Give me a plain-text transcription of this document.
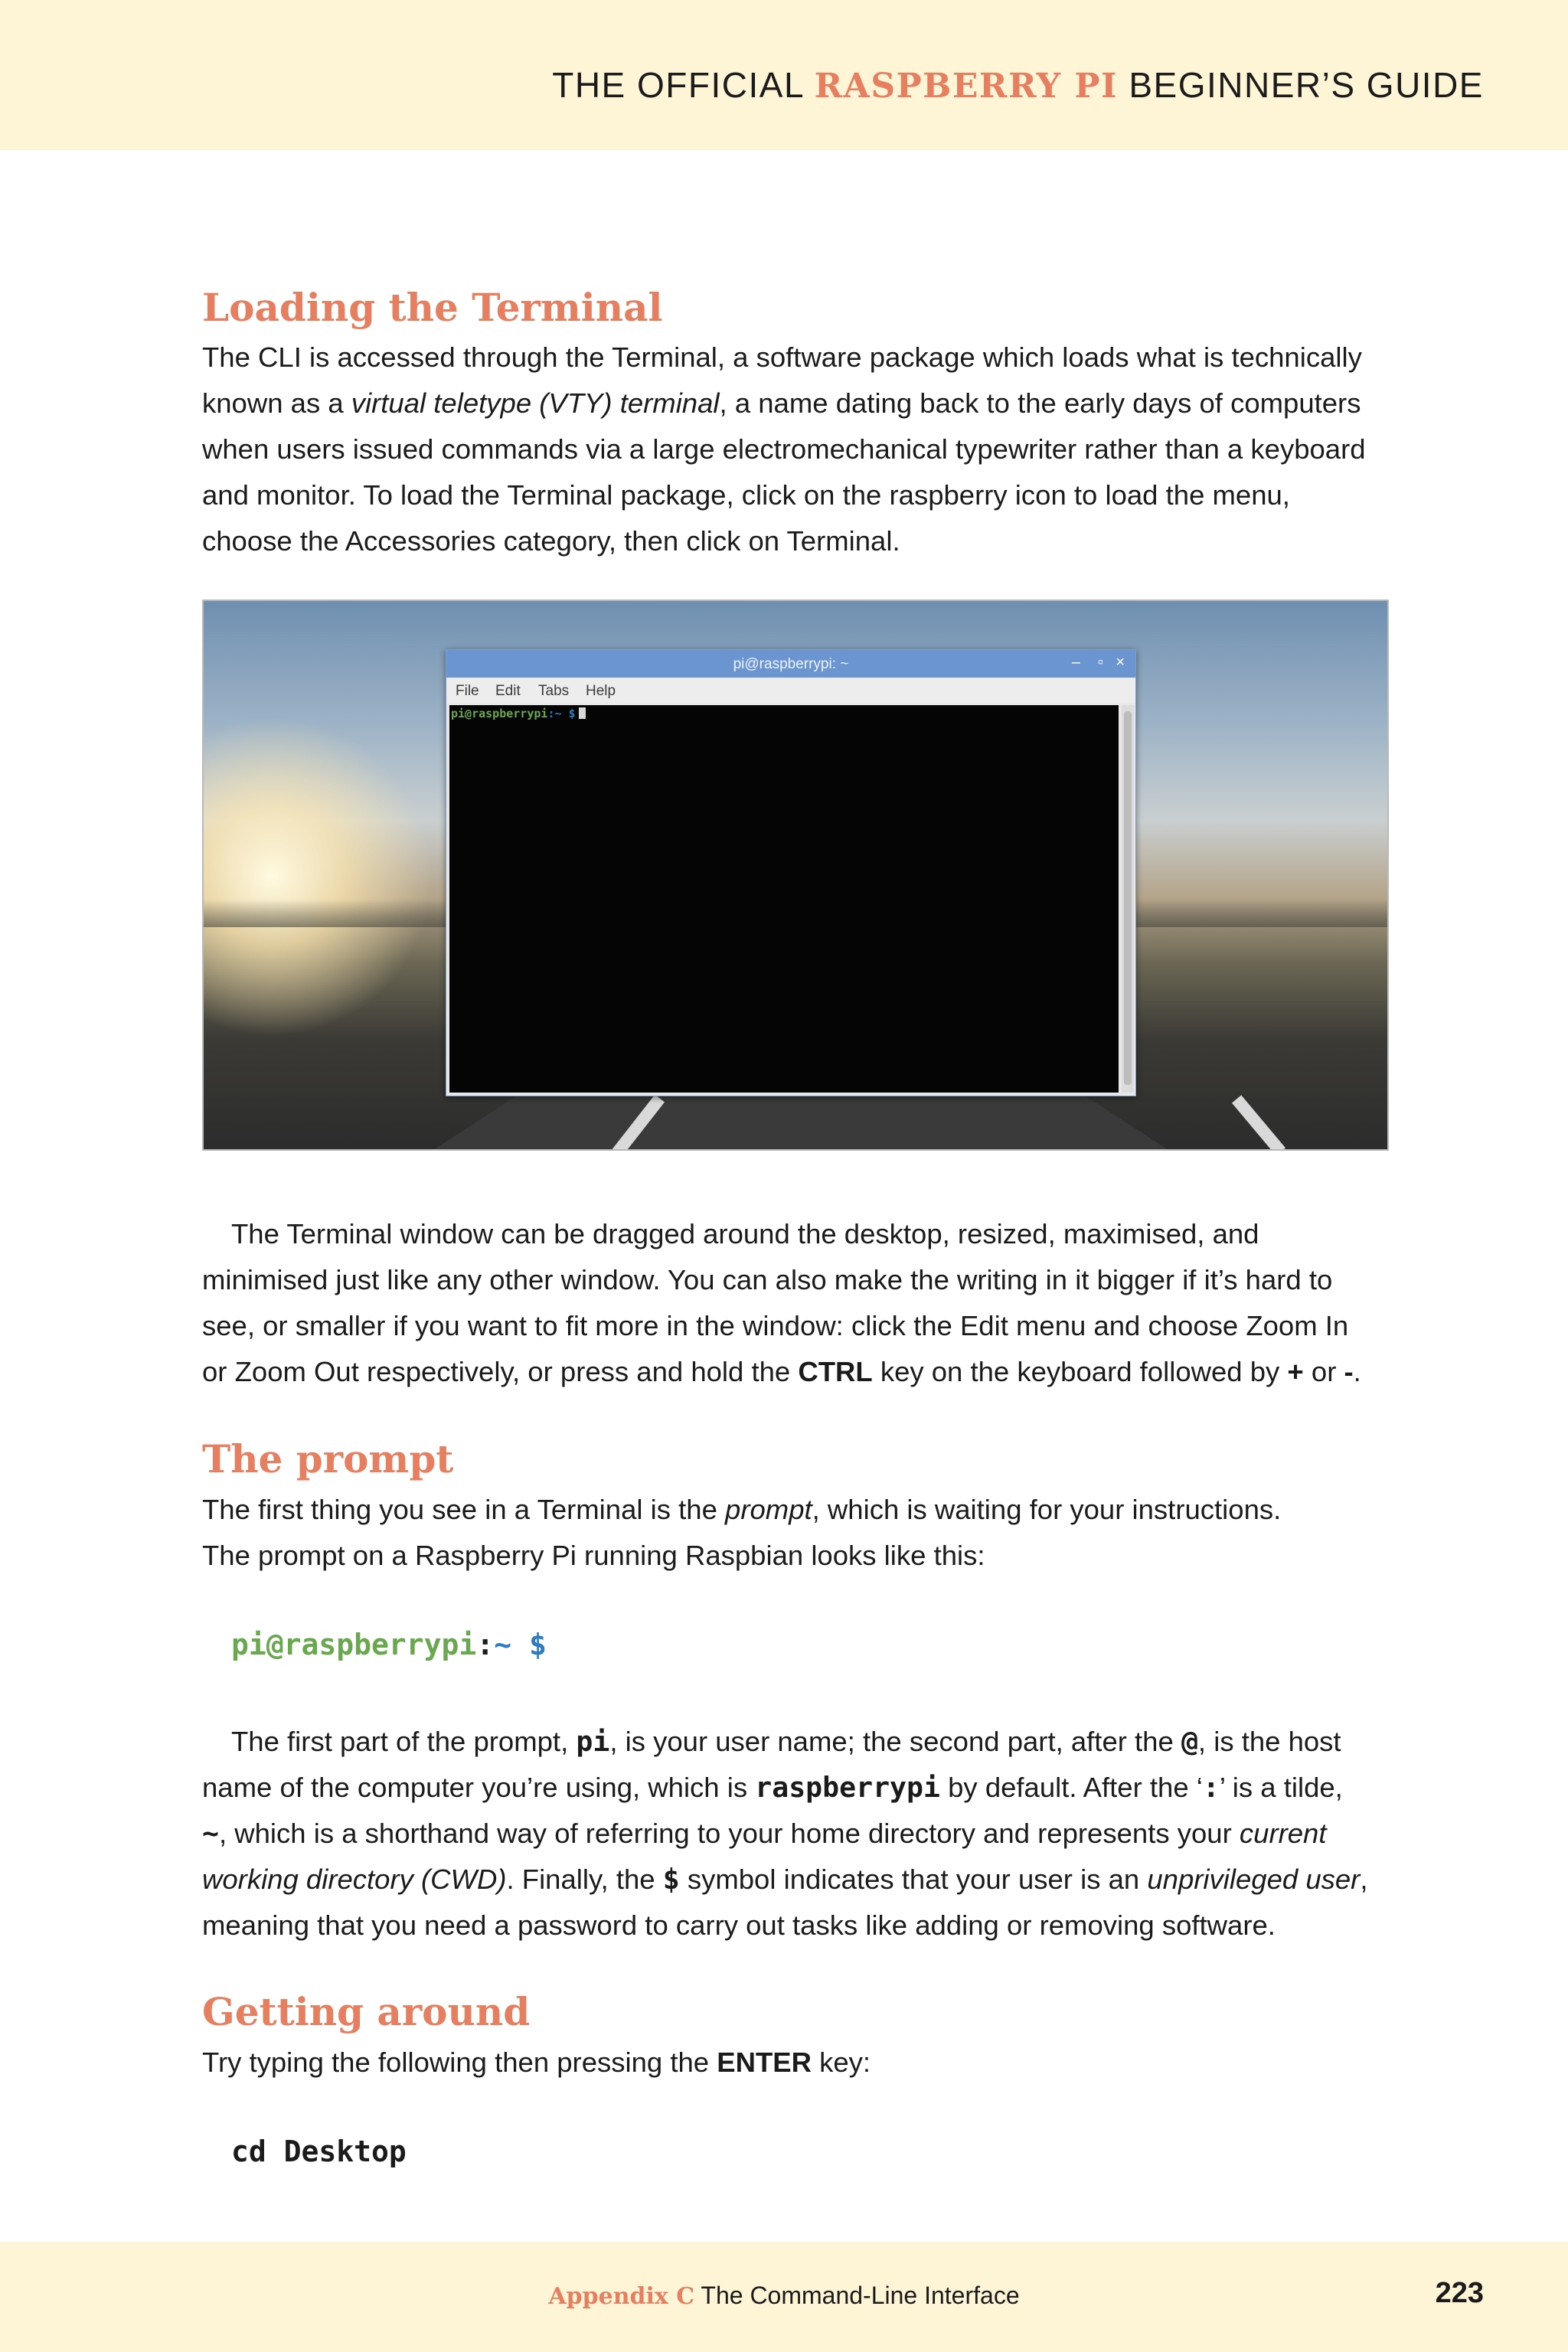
THE OFFICIAL RASPBERRY PI BEGINNER’S GUIDE
Loading the Terminal
The CLI is accessed through the Terminal, a software package which loads what is technically
known as a virtual teletype (VTY) terminal, a name dating back to the early days of computers
when users issued commands via a large electromechanical typewriter rather than a keyboard
and monitor. To load the Terminal package, click on the raspberry icon to load the menu,
choose the Accessories category, then click on Terminal.
pi@raspberrypi: ~	– ▫ ×
File Edit Tabs Help
pi@raspberrypi:~ $
The Terminal window can be dragged around the desktop, resized, maximised, and
minimised just like any other window. You can also make the writing in it bigger if it’s hard to
see, or smaller if you want to fit more in the window: click the Edit menu and choose Zoom In
or Zoom Out respectively, or press and hold the CTRL key on the keyboard followed by + or -.
The prompt
The first thing you see in a Terminal is the prompt, which is waiting for your instructions.
The prompt on a Raspberry Pi running Raspbian looks like this:
pi@raspberrypi:~ $
The first part of the prompt, pi, is your user name; the second part, after the @, is the host
name of the computer you’re using, which is raspberrypi by default. After the ‘:’ is a tilde,
~, which is a shorthand way of referring to your home directory and represents your current
working directory (CWD). Finally, the $ symbol indicates that your user is an unprivileged user,
meaning that you need a password to carry out tasks like adding or removing software.
Getting around
Try typing the following then pressing the ENTER key:
cd Desktop
Appendix C The Command-Line Interface	223
